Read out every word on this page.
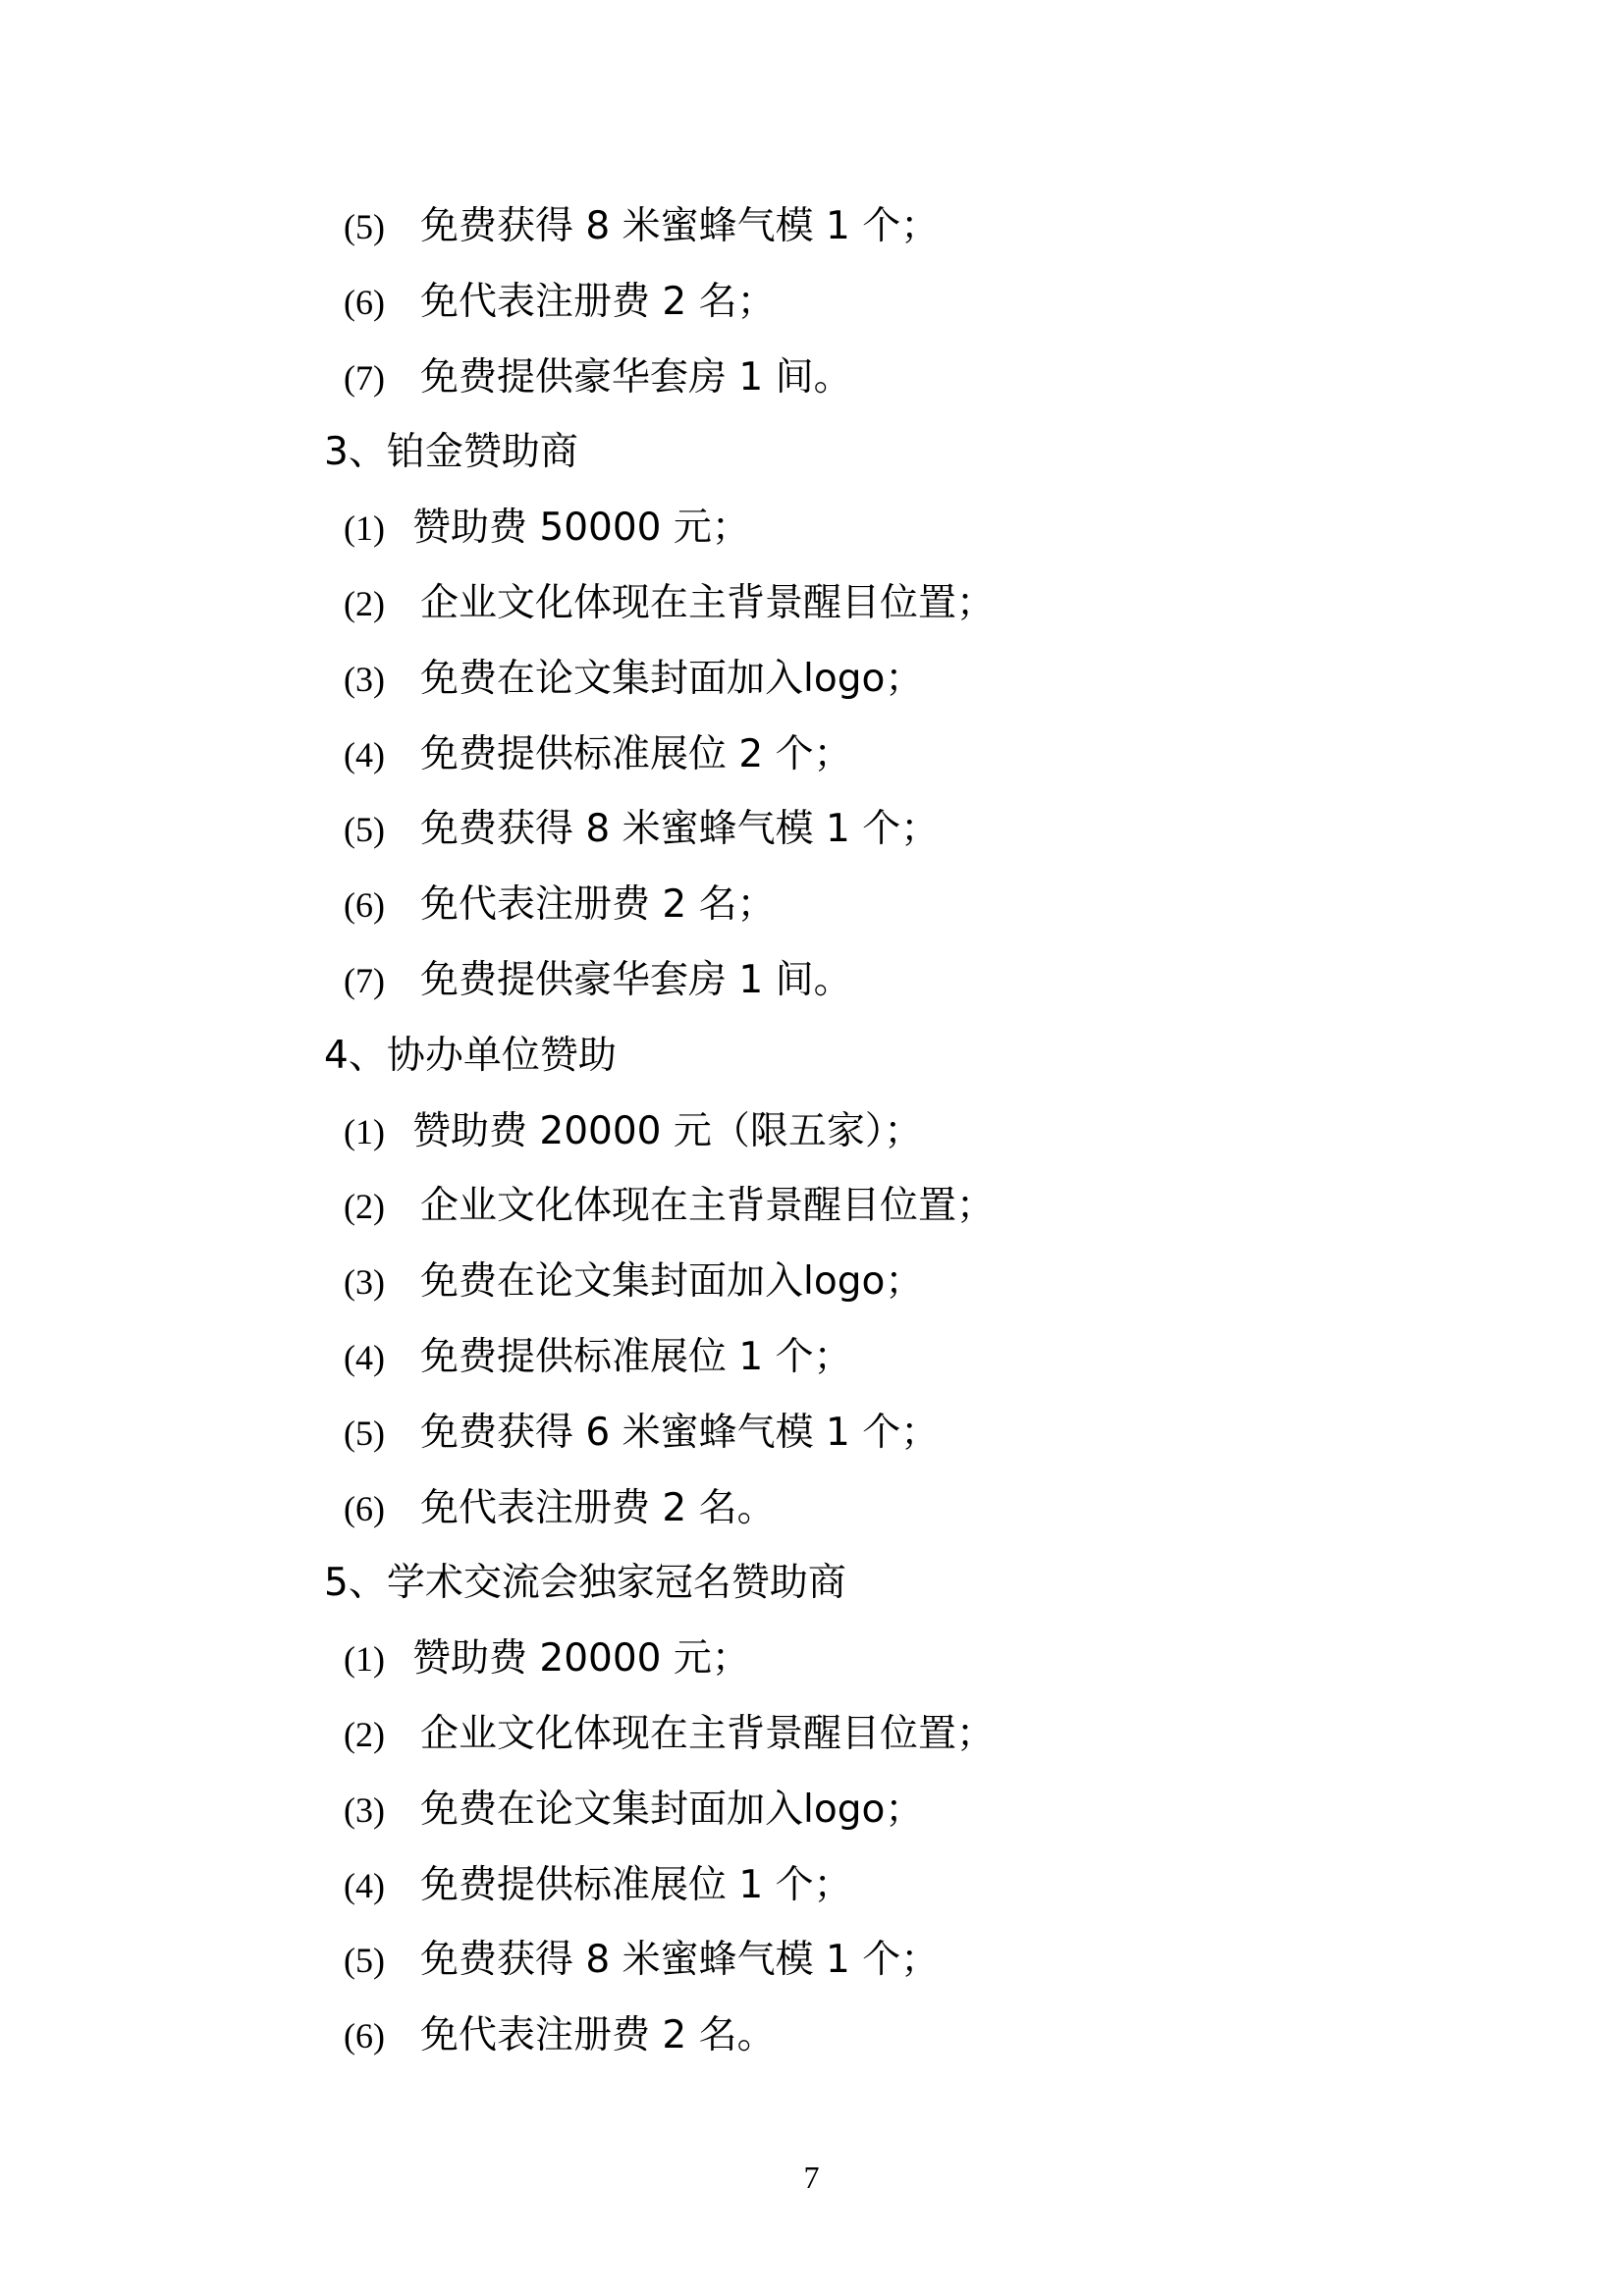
(5) 免费获得 8 米蜜蜂气模 1 个；
(6) 免代表注册费 2 名；
(7) 免费提供豪华套房 1 间。
3、铂金赞助商
(1) 赞助费 50000 元；
(2) 企业文化体现在主背景醒目位置；
(3) 免费在论文集封面加入logo；
(4) 免费提供标准展位 2 个；
(5) 免费获得 8 米蜜蜂气模 1 个；
(6) 免代表注册费 2 名；
(7) 免费提供豪华套房 1 间。
4、协办单位赞助
(1) 赞助费 20000 元（限五家）；
(2) 企业文化体现在主背景醒目位置；
(3) 免费在论文集封面加入logo；
(4) 免费提供标准展位 1 个；
(5) 免费获得 6 米蜜蜂气模 1 个；
(6) 免代表注册费 2 名。
5、学术交流会独家冠名赞助商
(1) 赞助费 20000 元；
(2) 企业文化体现在主背景醒目位置；
(3) 免费在论文集封面加入logo；
(4) 免费提供标准展位 1 个；
(5) 免费获得 8 米蜜蜂气模 1 个；
(6) 免代表注册费 2 名。
7
